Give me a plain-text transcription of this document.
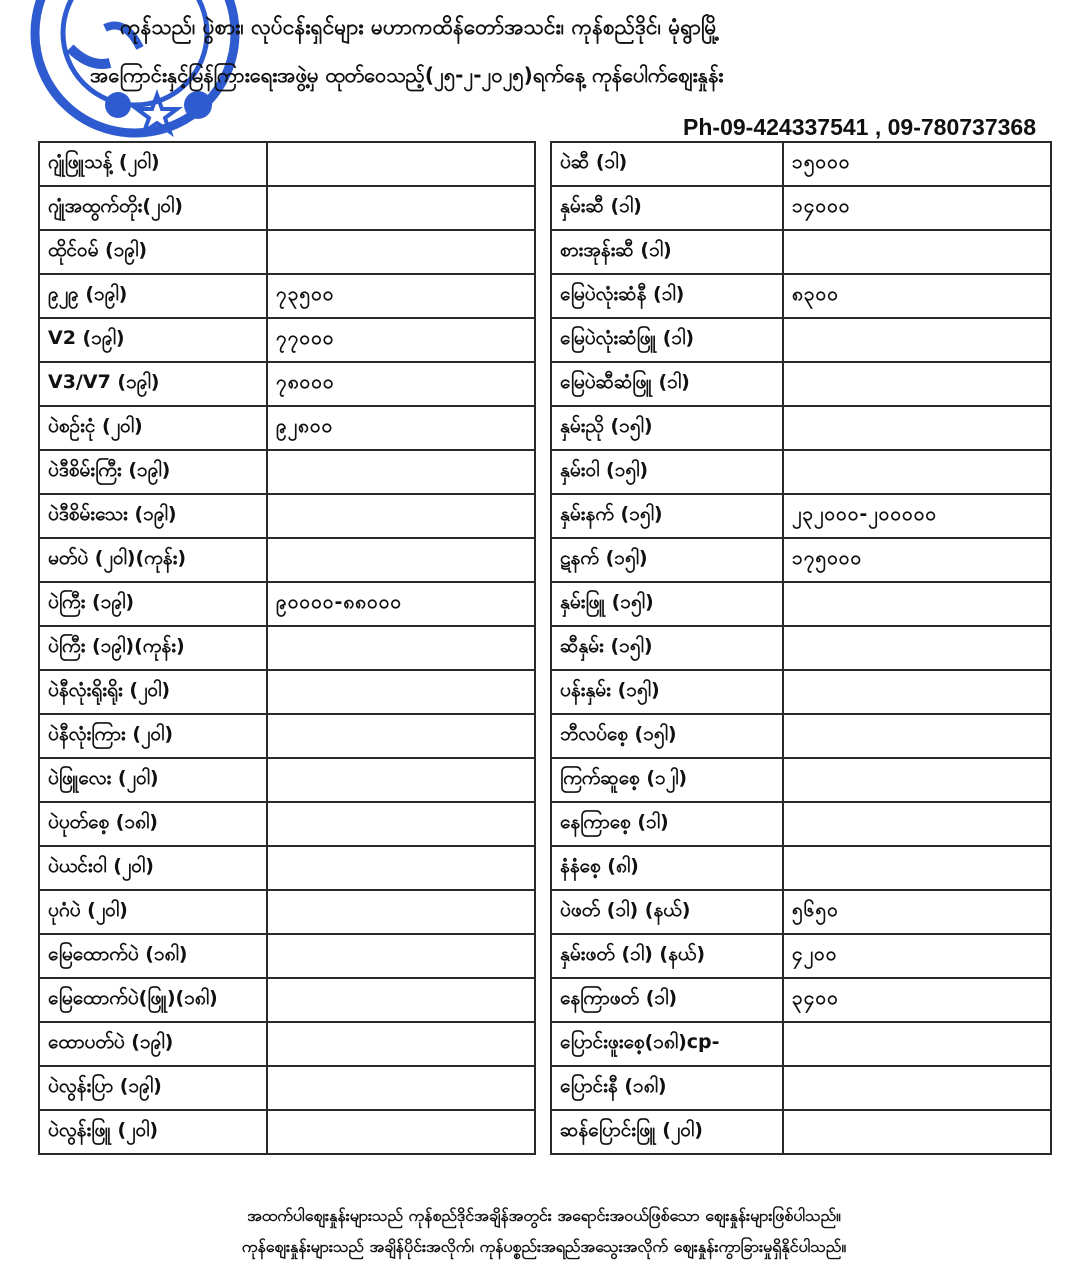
ကုန်သည်၊ ပွဲစား၊ လုပ်ငန်းရှင်များ မဟာကထိန်တော်အသင်း၊ ကုန်စည်ဒိုင်၊ မုံရွာမြို့
အကြောင်းနှင့်မြန်ကြားရေးအဖွဲ့မှ ထုတ်ဝေသည့်(၂၅-၂-၂၀၂၅)ရက်နေ့ ကုန်ပေါက်စျေးနှုန်း
Ph-09-424337541 , 09-780737368
ဂျုံဖြူသန့် (၂၀ါ)	
ဂျုံအထွက်တိုး(၂၀ါ)	
ထိုင်ဝမ် (၁၉ါ)	
၉၂၉ (၁၉ါ)	၇၃၅၀၀
V2 (၁၉ါ)	၇၇၀၀၀
V3/V7 (၁၉ါ)	၇၈၀၀၀
ပဲစဉ်းငုံ (၂၀ါ)	၉၂၈၀၀
ပဲဒီစိမ်းကြီး (၁၉ါ)	
ပဲဒီစိမ်းသေး (၁၉ါ)	
မတ်ပဲ (၂၀ါ)(ကုန်း)	
ပဲကြီး (၁၉ါ)	၉၀၀၀၀-၈၈၀၀၀
ပဲကြီး (၁၉ါ)(ကုန်း)	
ပဲနီလုံးရိုးရိုး (၂၀ါ)	
ပဲနီလုံးကြား (၂၀ါ)	
ပဲဖြူလေး (၂၀ါ)	
ပဲပုတ်စေ့ (၁၈ါ)	
ပဲယင်းဝါ (၂၀ါ)	
ပုဂံပဲ (၂၀ါ)	
မြေထောက်ပဲ (၁၈ါ)	
မြေထောက်ပဲ(ဖြူ)(၁၈ါ)	
ထောပတ်ပဲ (၁၉ါ)	
ပဲလွန်းပြာ (၁၉ါ)	
ပဲလွန်းဖြူ (၂၀ါ)	
ပဲဆီ (၁ါ)	၁၅၀၀၀
နှမ်းဆီ (၁ါ)	၁၄၀၀၀
စားအုန်းဆီ (၁ါ)	
မြေပဲလုံးဆံနီ (၁ါ)	၈၃၀၀
မြေပဲလုံးဆံဖြူ (၁ါ)	
မြေပဲဆီဆံဖြူ (၁ါ)	
နှမ်းညို (၁၅ါ)	
နှမ်းဝါ (၁၅ါ)	
နှမ်းနက် (၁၅ါ)	၂၃၂၀၀၀-၂၀၀၀၀၀
ဋနက် (၁၅ါ)	၁၇၅၀၀၀
နှမ်းဖြူ (၁၅ါ)	
ဆီနှမ်း (၁၅ါ)	
ပန်းနှမ်း (၁၅ါ)	
ဘီလပ်စေ့ (၁၅ါ)	
ကြက်ဆူစေ့ (၁၂ါ)	
နေကြာစေ့ (၁ါ)	
နံနံစေ့ (၈ါ)	
ပဲဖတ် (၁ါ) (နယ်)	၅၆၅၀
နှမ်းဖတ် (၁ါ) (နယ်)	၄၂၀၀
နေကြာဖတ် (၁ါ)	၃၄၀၀
ပြောင်းဖူးစေ့(၁၈ါ)cp-	
ပြောင်းနီ (၁၈ါ)	
ဆန်ပြောင်းဖြူ (၂၀ါ)	
အထက်ပါစျေးနှုန်းများသည် ကုန်စည်ဒိုင်အချိန်အတွင်း အရောင်းအဝယ်ဖြစ်သော စျေးနှုန်းများဖြစ်ပါသည်။
ကုန်စျေးနှုန်းများသည် အချိန်ပိုင်းအလိုက်၊ ကုန်ပစ္စည်းအရည်အသွေးအလိုက် စျေးနှုန်းကွာခြားမှုရှိနိုင်ပါသည်။
